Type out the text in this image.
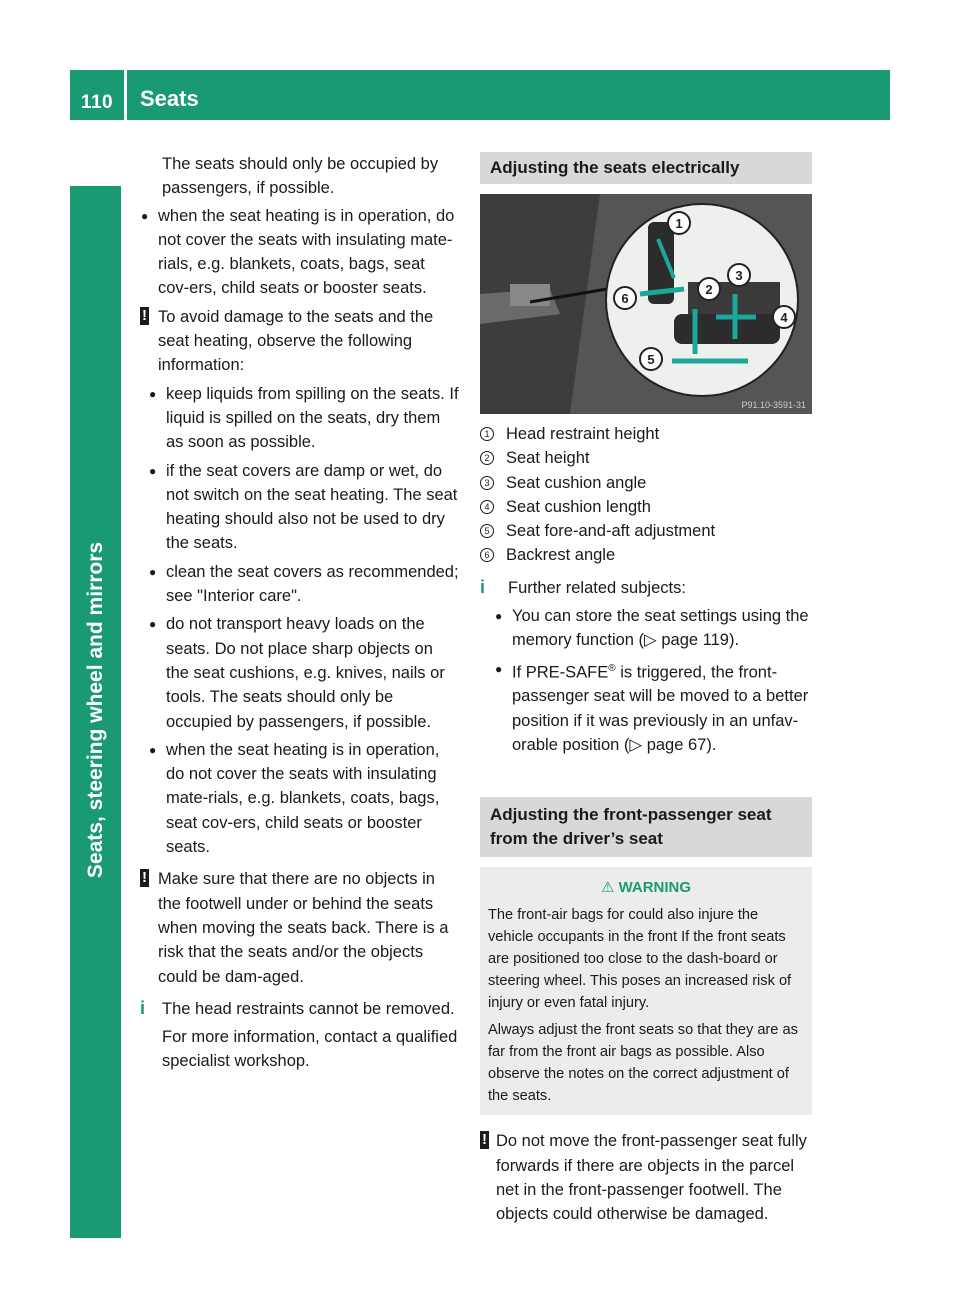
110	Seats
Seats, steering wheel and mirrors
The seats should only be occupied by passengers, if possible.
● when the seat heating is in operation, do not cover the seats with insulating mate-rials, e.g. blankets, coats, bags, seat cov-ers, child seats or booster seats.
! To avoid damage to the seats and the seat heating, observe the following information:
● keep liquids from spilling on the seats. If liquid is spilled on the seats, dry them as soon as possible.
● if the seat covers are damp or wet, do not switch on the seat heating. The seat heating should also not be used to dry the seats.
● clean the seat covers as recommended; see "Interior care".
● do not transport heavy loads on the seats. Do not place sharp objects on the seat cushions, e.g. knives, nails or tools. The seats should only be occupied by passengers, if possible.
● when the seat heating is in operation, do not cover the seats with insulating mate-rials, e.g. blankets, coats, bags, seat cov-ers, child seats or booster seats.
! Make sure that there are no objects in the footwell under or behind the seats when moving the seats back. There is a risk that the seats and/or the objects could be dam-aged.
i	The head restraints cannot be removed.
For more information, contact a qualified specialist workshop.
Adjusting the seats electrically
1
2
3
4
5
6
P91.10-3591-31
1 Head restraint height
2 Seat height
3 Seat cushion angle
4 Seat cushion length
5 Seat fore-and-aft adjustment
6 Backrest angle
i	Further related subjects:
● You can store the seat settings using the memory function (▷ page 119).
● If PRE-SAFE® is triggered, the front-passenger seat will be moved to a better position if it was previously in an unfav-orable position (▷ page 67).
Adjusting the front-passenger seat from the driver’s seat
⚠ WARNING
The front-air bags for could also injure the vehicle occupants in the front If the front seats are positioned too close to the dash-board or steering wheel. This poses an increased risk of injury or even fatal injury.
Always adjust the front seats so that they are as far from the front air bags as possible. Also observe the notes on the correct adjustment of the seats.
! Do not move the front-passenger seat fully forwards if there are objects in the parcel net in the front-passenger footwell. The objects could otherwise be damaged.
